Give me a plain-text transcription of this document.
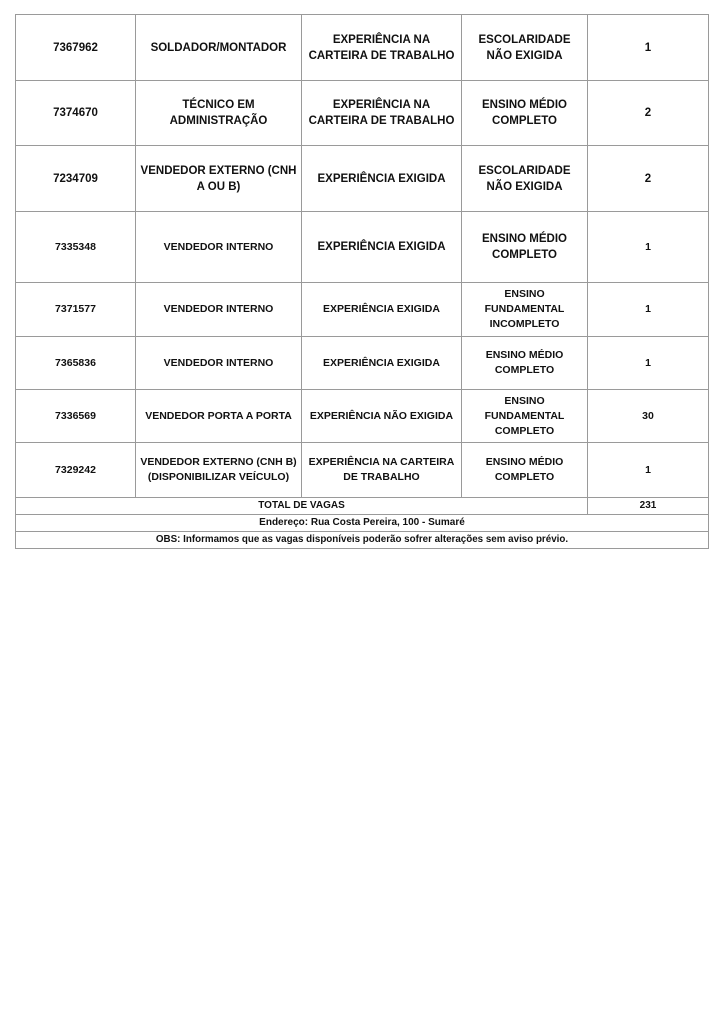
7367962	SOLDADOR/MONTADOR	EXPERIÊNCIA NA CARTEIRA DE TRABALHO	ESCOLARIDADE NÃO EXIGIDA	1
7374670	TÉCNICO EM ADMINISTRAÇÃO	EXPERIÊNCIA NA CARTEIRA DE TRABALHO	ENSINO MÉDIO COMPLETO	2
7234709	VENDEDOR EXTERNO (CNH A OU B)	EXPERIÊNCIA EXIGIDA	ESCOLARIDADE NÃO EXIGIDA	2
7335348	VENDEDOR INTERNO	EXPERIÊNCIA EXIGIDA	ENSINO MÉDIO COMPLETO	1
7371577	VENDEDOR INTERNO	EXPERIÊNCIA EXIGIDA	ENSINO FUNDAMENTAL INCOMPLETO	1
7365836	VENDEDOR INTERNO	EXPERIÊNCIA EXIGIDA	ENSINO MÉDIO COMPLETO	1
7336569	VENDEDOR PORTA A PORTA	EXPERIÊNCIA NÃO EXIGIDA	ENSINO FUNDAMENTAL COMPLETO	30
7329242	VENDEDOR EXTERNO (CNH B) (DISPONIBILIZAR VEÍCULO)	EXPERIÊNCIA NA CARTEIRA DE TRABALHO	ENSINO MÉDIO COMPLETO	1
TOTAL DE VAGAS				231
Endereço: Rua Costa Pereira, 100 - Sumaré				
OBS: Informamos que as vagas disponíveis poderão sofrer alterações sem aviso prévio.				
